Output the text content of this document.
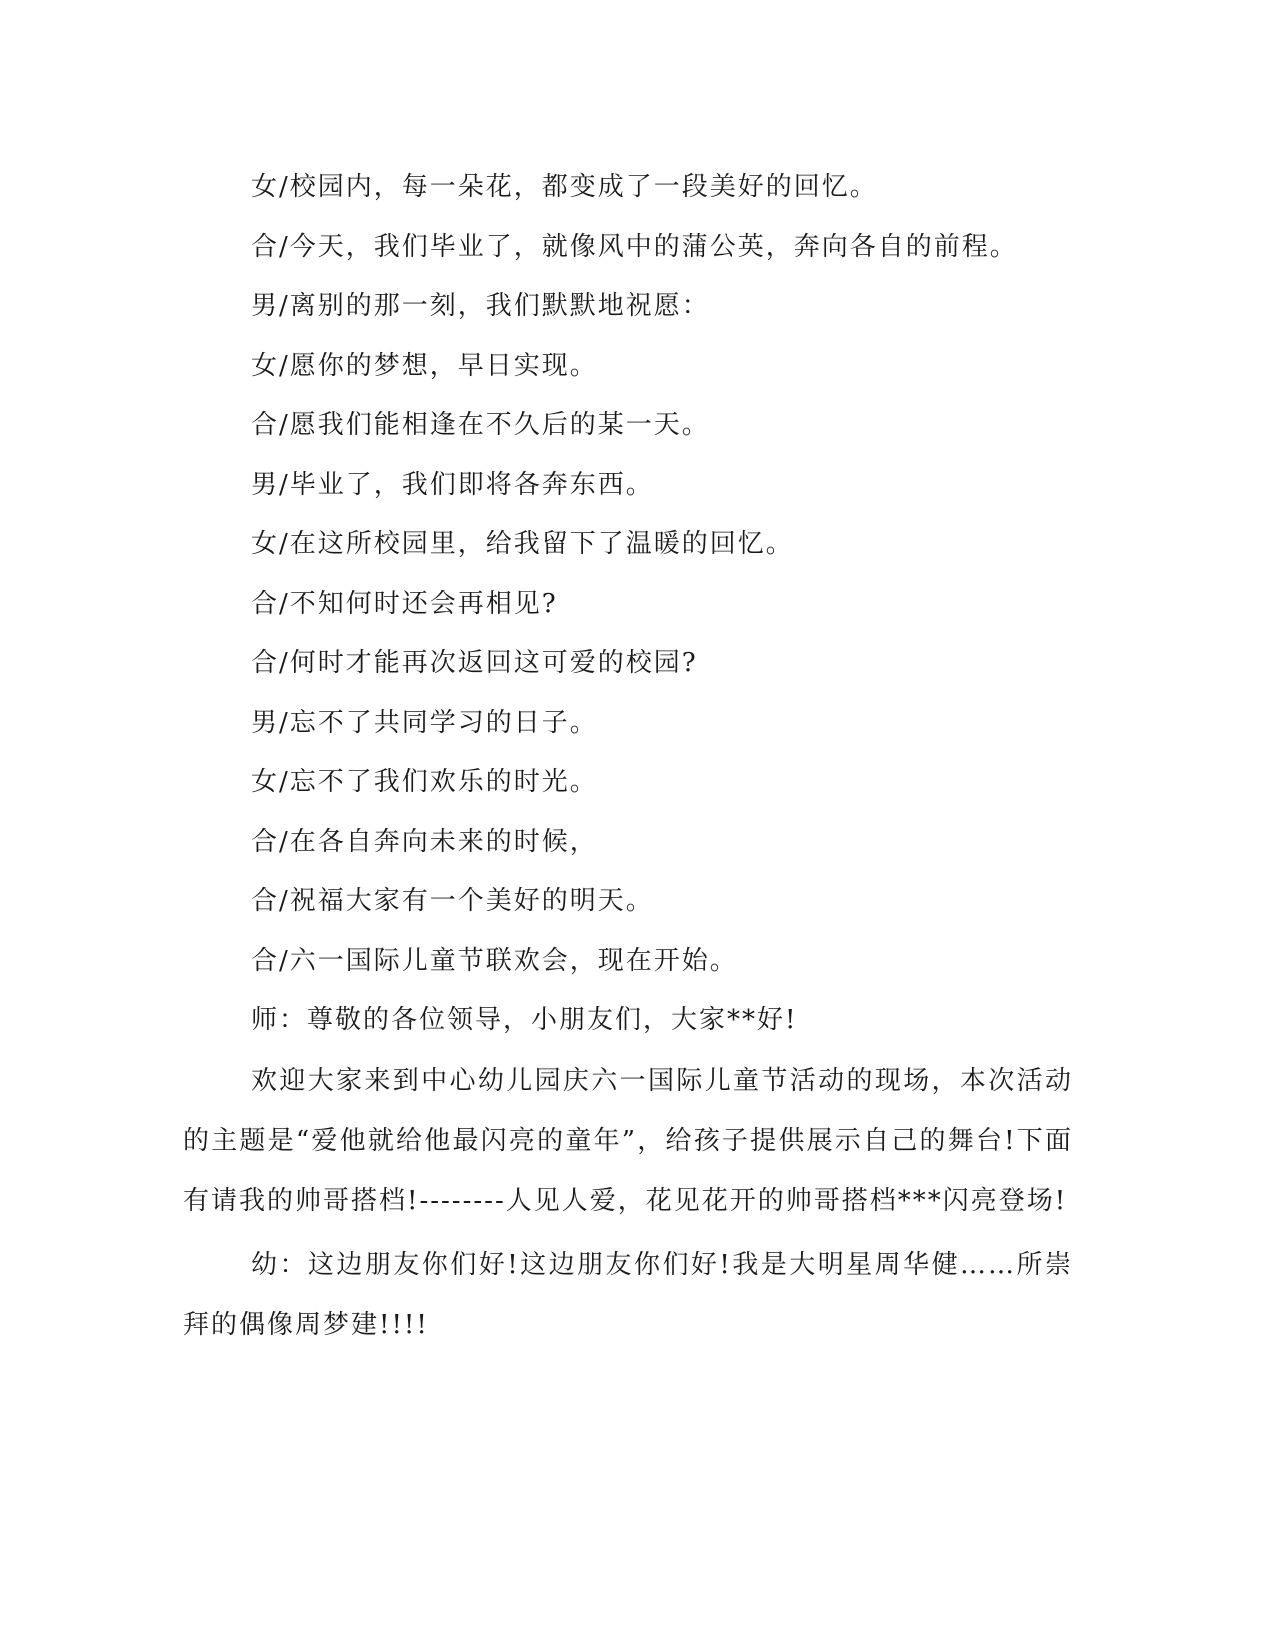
女/校园内，每一朵花，都变成了一段美好的回忆。

合/今天，我们毕业了，就像风中的蒲公英，奔向各自的前程。

男/离别的那一刻，我们默默地祝愿：

女/愿你的梦想，早日实现。

合/愿我们能相逢在不久后的某一天。

男/毕业了，我们即将各奔东西。

女/在这所校园里，给我留下了温暖的回忆。

合/不知何时还会再相见?

合/何时才能再次返回这可爱的校园?

男/忘不了共同学习的日子。

女/忘不了我们欢乐的时光。

合/在各自奔向未来的时候，

合/祝福大家有一个美好的明天。

合/六一国际儿童节联欢会，现在开始。

师：尊敬的各位领导，小朋友们，大家**好!

欢迎大家来到中心幼儿园庆六一国际儿童节活动的现场，本次活动的主题是“爱他就给他最闪亮的童年”，给孩子提供展示自己的舞台!下面有请我的帅哥搭档!--------人见人爱，花见花开的帅哥搭档***闪亮登场!

幼：这边朋友你们好!这边朋友你们好!我是大明星周华健……所崇拜的偶像周梦建!!!!
